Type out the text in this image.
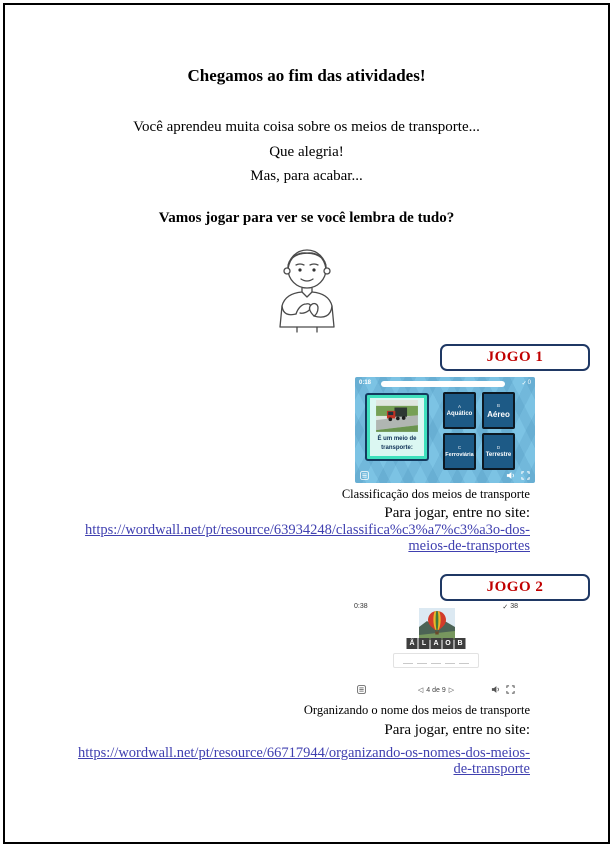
Chegamos ao fim das atividades!

Você aprendeu muita coisa sobre os meios de transporte...

Que alegria!

Mas, para acabar...

Vamos jogar para ver se você lembra de tudo?

JOGO 1
0:18	✓ 0
É um meio de transporte:
A
Aquático
B
Aéreo
C
Ferroviária
D
Terrestre

Classificação dos meios de transporte

Para jogar, entre no site:

https://wordwall.net/pt/resource/63934248/classifica%c3%a7%c3%a3o-dos-meios-de-transportes

JOGO 2
0:38	✓ 38
Ã	L	A O B
◁ 4 de 9 ▷

Organizando o nome dos meios de transporte

Para jogar, entre no site:

https://wordwall.net/pt/resource/66717944/organizando-os-nomes-dos-meios-de-transporte
